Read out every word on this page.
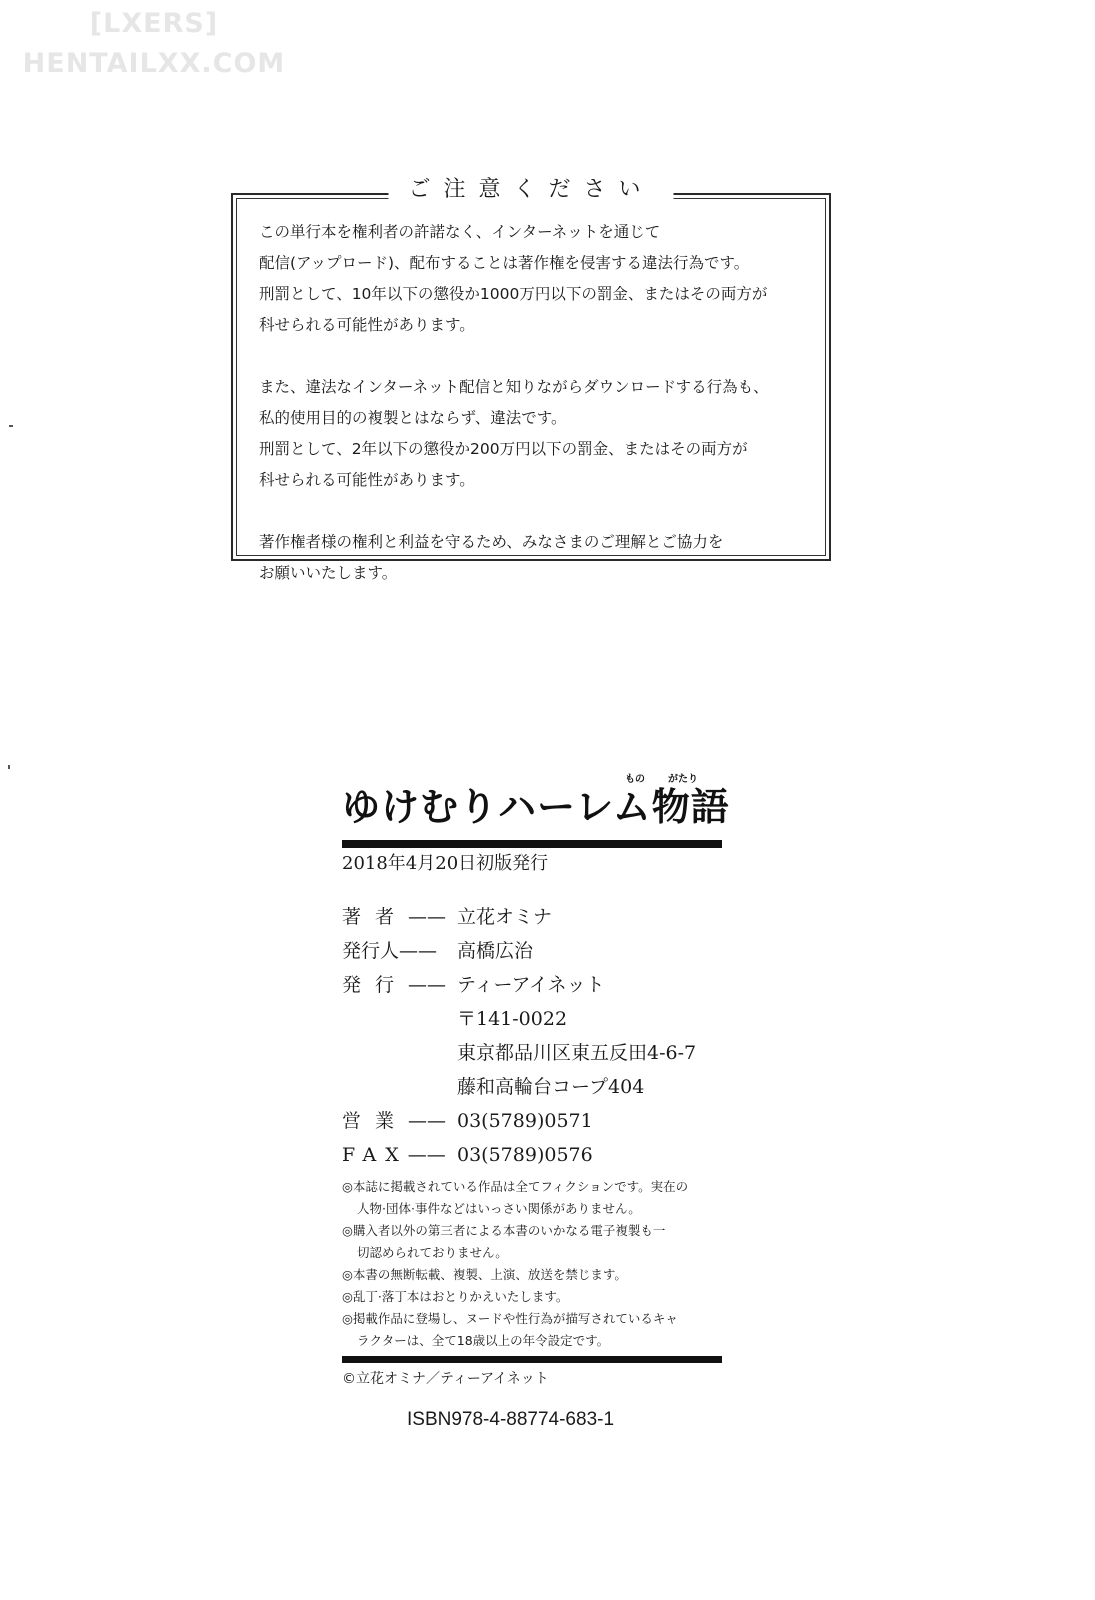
[LXERS]
HENTAILXX.COM
ご注意ください
この単行本を権利者の許諾なく、インターネットを通じて
配信(アップロード)、配布することは著作権を侵害する違法行為です。
刑罰として、10年以下の懲役か1000万円以下の罰金、またはその両方が
科せられる可能性があります。
また、違法なインターネット配信と知りながらダウンロードする行為も、
私的使用目的の複製とはならず、違法です。
刑罰として、2年以下の懲役か200万円以下の罰金、またはその両方が
科せられる可能性があります。
著作権者様の権利と利益を守るため、みなさまのご理解とご協力を
お願いいたします。
もの がたり
ゆけむりハーレム物語
2018年4月20日初版発行
著者—— 立花オミナ
発行人——	高橋広治
発行—— ティーアイネット
〒141-0022
東京都品川区東五反田4-6-7
藤和高輪台コープ404
営業—— 03(5789)0571
FAX—— 03(5789)0576
◎本誌に掲載されている作品は全てフィクションです。実在の
人物·団体·事件などはいっさい関係がありません。
◎購入者以外の第三者による本書のいかなる電子複製も一
切認められておりません。
◎本書の無断転載、複製、上演、放送を禁じます。
◎乱丁·落丁本はおとりかえいたします。
◎掲載作品に登場し、ヌードや性行為が描写されているキャ
ラクターは、全て18歳以上の年令設定です。
©立花オミナ／ティーアイネット
ISBN978-4-88774-683-1
